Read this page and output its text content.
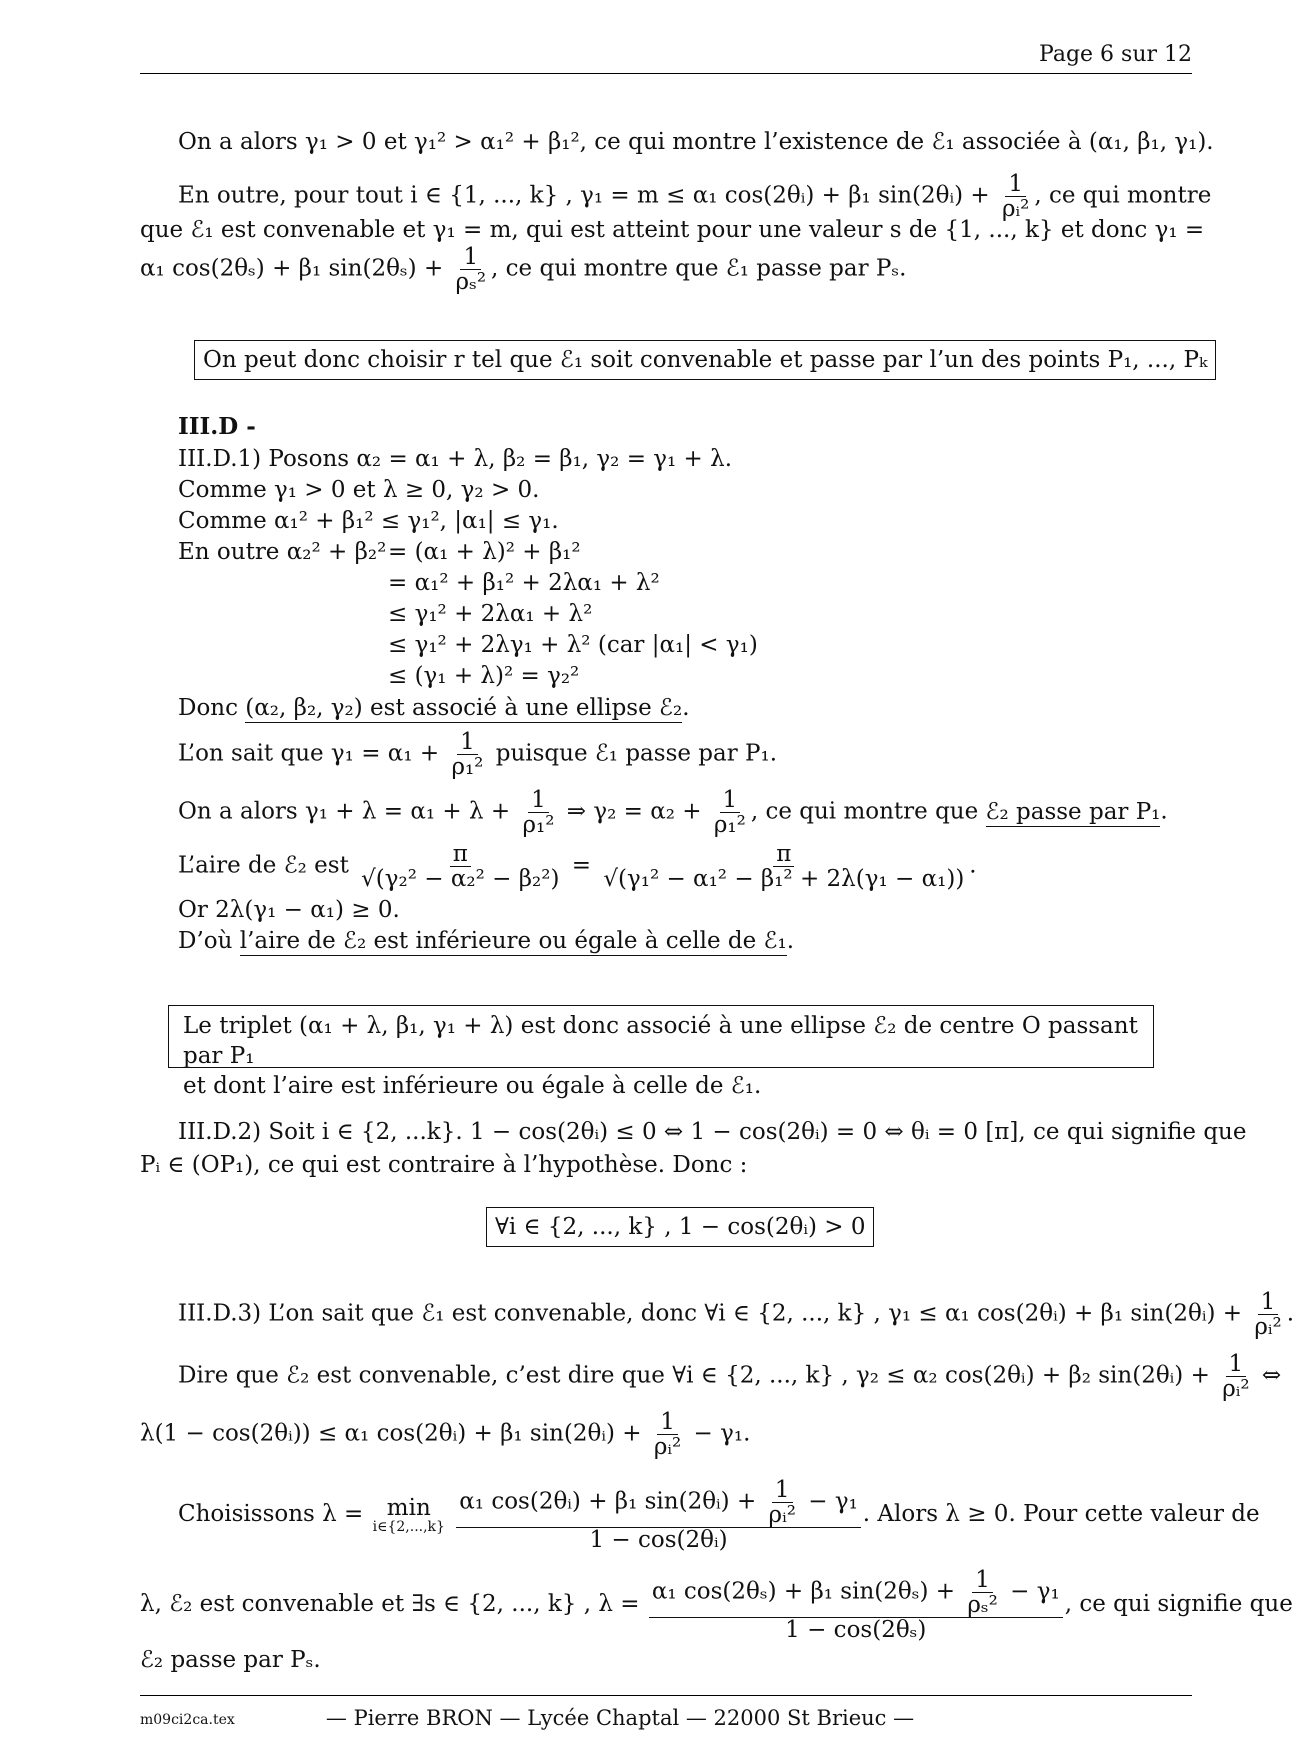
Page 6 sur 12
On a alors γ₁ > 0 et γ₁² > α₁² + β₁², ce qui montre l’existence de ℰ₁ associée à (α₁, β₁, γ₁).
En outre, pour tout i ∈ {1, ..., k} , γ₁ = m ≤ α₁ cos(2θᵢ) + β₁ sin(2θᵢ) + $\frac{1}{\text{ρᵢ²}}$ , ce qui montre
que ℰ₁ est convenable et γ₁ = m, qui est atteint pour une valeur s de {1, ..., k} et donc γ₁ =
α₁ cos(2θₛ) + β₁ $\sin(2\theta_s) + \frac{1}{\text{ρₛ²}}$ , ce qui montre que ℰ₁ passe par Pₛ.
On peut donc choisir r tel que ℰ₁ soit convenable et passe par l’un des points P₁, ..., Pₖ
III.D -
III.D.1) Posons α₂ = α₁ + λ, β₂ = β₁, γ₂ = γ₁ + λ.
Comme γ₁ > 0 et λ ≥ 0, γ₂ > 0.
Comme α₁² + β₁² ≤ γ₁², |α₁| ≤ γ₁.
En outre α₂² + β₂² = (α₁ + λ)² + β₁²
= α₁² + β₁² + 2λα₁ + λ²
≤ γ₁² + 2λα₁ + λ²
≤ γ₁² + 2λγ₁ + λ² (car |α₁| < γ₁)
≤ (γ₁ + λ)² = γ₂²
Donc (α₂, β₂, γ₂) est associé à une ellipse ℰ₂.
L’on sait que $\gamma_1 = \alpha_1 + \frac{1}{\text{ρ₁²}}$ puisque ℰ₁ passe par P₁.
On a alors $\gamma_1 + \lambda = \alpha_1 + \lambda + \frac{1}{\text{ρ₁²}}$ ⇒ $\gamma_2 = \alpha_2 + \frac{1}{\text{ρ₁²}}$ , ce qui montre que ℰ₂ passe par P₁.
L’aire de ℰ₂ est $\frac{\pi}{\text{√(γ₂² − α₂² − β₂²)}} = \frac{\pi}{\text{√(γ₁² − α₁² − β₁² + 2λ(γ₁ − α₁))}}$ .
Or 2λ(γ₁ − α₁) ≥ 0.
D’où l’aire de ℰ₂ est inférieure ou égale à celle de ℰ₁.
Le triplet (α₁ + λ, β₁, γ₁ + λ) est donc associé à une ellipse ℰ₂ de centre O passant par P₁
et dont l’aire est inférieure ou égale à celle de ℰ₁.
III.D.2) Soit i ∈ {2, ...k}. 1 − cos(2θᵢ) ≤ 0 ⇔ 1 − cos(2θᵢ) = 0 ⇔ θᵢ = 0 [π], ce qui signifie que
Pᵢ ∈ (OP₁), ce qui est contraire à l’hypothèse. Donc :
∀i ∈ {2, ..., k} , 1 − cos(2θᵢ) > 0
III.D.3) L’on sait que ℰ₁ est convenable, donc ∀i ∈ {2, ..., k} , γ₁ ≤ α₁ cos(2θᵢ) + β₁ sin(2θᵢ) + $\frac{1}{\text{ρᵢ²}}$ .
Dire que ℰ₂ est convenable, c’est dire que ∀i ∈ {2, ..., k} , γ₂ ≤ α₂ cos(2θᵢ) + β₂ sin(2θᵢ) + $\frac{1}{\text{ρᵢ²}}$ ⇔
λ(1 − cos(2θᵢ)) ≤ α₁ cos(2θᵢ) + β₁ sin(2θᵢ) + $\frac{1}{\text{ρᵢ²}} - \gamma_1$.
Choisissons λ = min
i∈{2,...,k}
$\frac{\alpha_1 \cos(2\theta ᵢ) + \beta_1 \sin(2\theta ᵢ) + \frac{1}{\text{ρᵢ²}} - \gamma_1}{\text{1 − cos(2θᵢ)}}$ . Alors λ ≥ 0. Pour cette valeur de
λ, ℰ₂ est convenable et ∃s ∈ {2, ..., k} , $\lambda = \frac{\alpha_1 \cos(2\theta_s) + \beta_1 \sin(2\theta_s) + \frac{1}{\text{ρₛ²}} - \gamma_1}{\text{1 − cos(2θₛ)}}$ , ce qui signifie que
ℰ₂ passe par Pₛ.
m09ci2ca.tex	— Pierre BRON — Lycée Chaptal — 22000 St Brieuc —
